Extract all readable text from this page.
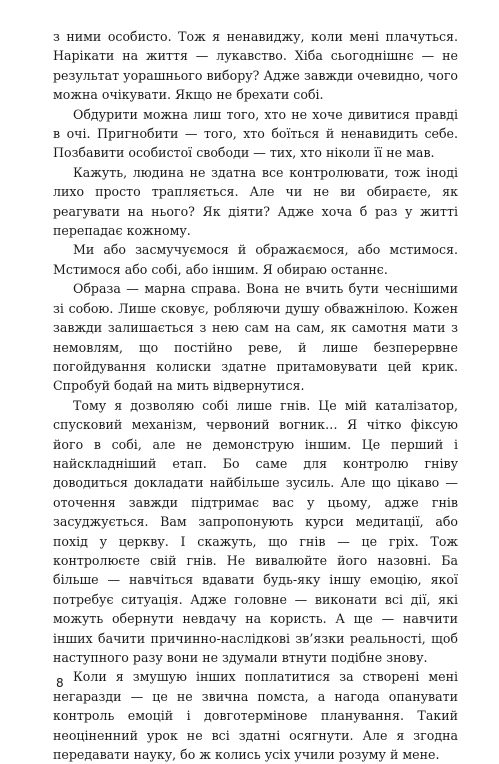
з ними особисто. Тож я ненавиджу, коли мені плачуться. Нарікати на життя — лукавство. Хіба сьогоднішнє — не результат уорашнього вибору? Адже завжди очевидно, чого можна очікувати. Якщо не брехати собі.

Обдурити можна лиш того, хто не хоче дивитися правді в очі. Пригнобити — того, хто боїться й ненавидить себе. Позбавити особистої свободи — тих, хто ніколи її не мав.

Кажуть, людина не здатна все контролювати, тож іноді лихо просто трапляється. Але чи не ви обираєте, як реагувати на нього? Як діяти? Адже хоча б раз у житті перепадає кожному.

Ми або засмучуємося й ображаємося, або мстимося. Мстимося або собі, або іншим. Я обираю останнє.

Образа — марна справа. Вона не вчить бути чеснішими зі собою. Лише сковує, робляючи душу обважнілою. Кожен завжди залишається з нею сам на сам, як самотня мати з немовлям, що постійно реве, й лише безперервне погойдування колиски здатне притамовувати цей крик. Спробуй бодай на мить відвернутися.

Тому я дозволяю собі лише гнів. Це мій каталізатор, спусковий механізм, червоний вогник… Я чітко фіксую його в собі, але не демонструю іншим. Це перший і найскладніший етап. Бо саме для контролю гніву доводиться докладати найбільше зусиль. Але що цікаво — оточення завжди підтримає вас у цьому, адже гнів засуджується. Вам запропонують курси медитації, або похід у церкву. І скажуть, що гнів — це гріх. Тож контролюєте свій гнів. Не вивалюйте його назовні. Ба більше — навчіться вдавати будь-яку іншу емоцію, якої потребує ситуація. Адже головне — виконати всі дії, які можуть обернути невдачу на користь. А ще — навчити інших бачити причинно-наслідкові зв’язки реальності, щоб наступного разу вони не здумали втнути подібне знову.

Коли я змушую інших поплатитися за створені мені негаразди — це не звична помста, а нагода опанувати контроль емоцій і довготермінове планування. Такий неоціненний урок не всі здатні осягнути. Але я згодна передавати науку, бо ж колись усіх учили розуму й мене.

8
